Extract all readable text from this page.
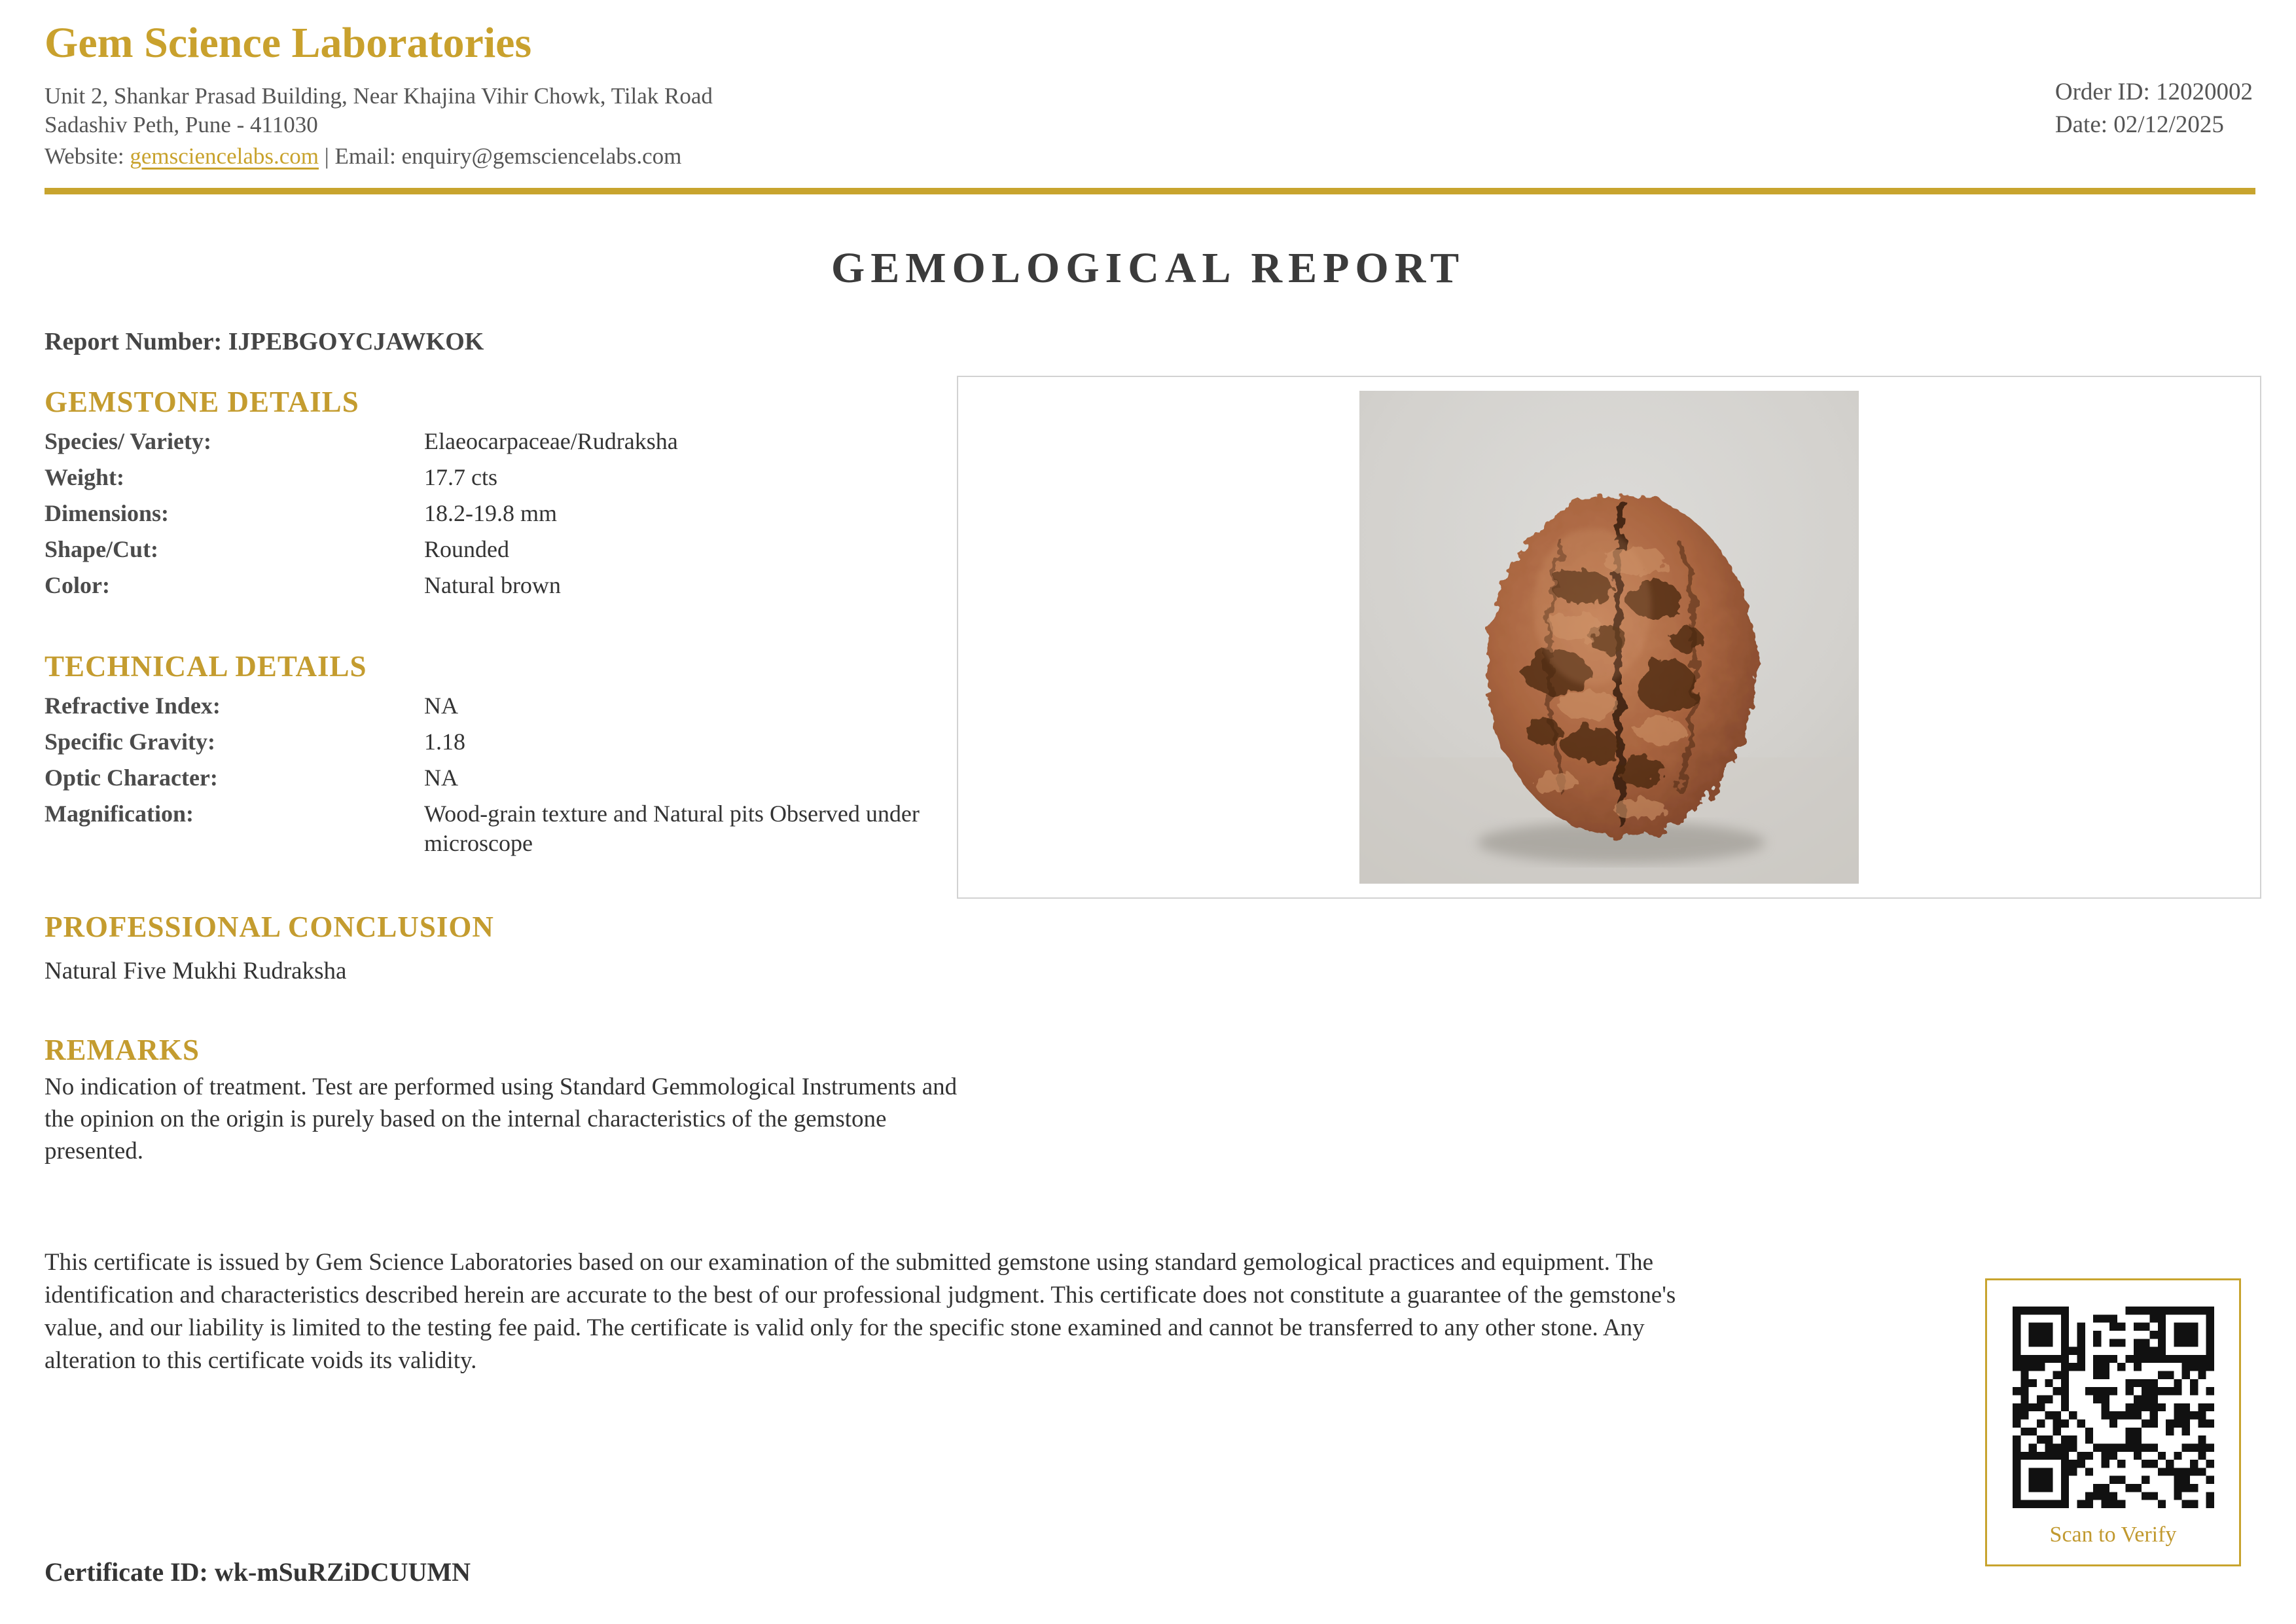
Gem Science Laboratories
Unit 2, Shankar Prasad Building, Near Khajina Vihir Chowk, Tilak Road
Sadashiv Peth, Pune - 411030
Website: gemsciencelabs.com | Email: enquiry@gemsciencelabs.com
Order ID: 12020002
Date: 02/12/2025
GEMOLOGICAL REPORT
Report Number: IJPEBGOYCJAWKOK
GEMSTONE DETAILS
Species/ Variety:	Elaeocarpaceae/Rudraksha
Weight:	17.7 cts
Dimensions:	18.2-19.8 mm
Shape/Cut:	Rounded
Color:	Natural brown
TECHNICAL DETAILS
Refractive Index:	NA
Specific Gravity:	1.18
Optic Character:	NA
Magnification:	Wood-grain texture and Natural pits Observed under microscope
PROFESSIONAL CONCLUSION
Natural Five Mukhi Rudraksha
REMARKS
No indication of treatment. Test are performed using Standard Gemmological Instruments and the opinion on the origin is purely based on the internal characteristics of the gemstone presented.
This certificate is issued by Gem Science Laboratories based on our examination of the submitted gemstone using standard gemological practices and equipment. The identification and characteristics described herein are accurate to the best of our professional judgment. This certificate does not constitute a guarantee of the gemstone's value, and our liability is limited to the testing fee paid. The certificate is valid only for the specific stone examined and cannot be transferred to any other stone. Any alteration to this certificate voids its validity.
Certificate ID: wk-mSuRZiDCUUMN
Scan to Verify
